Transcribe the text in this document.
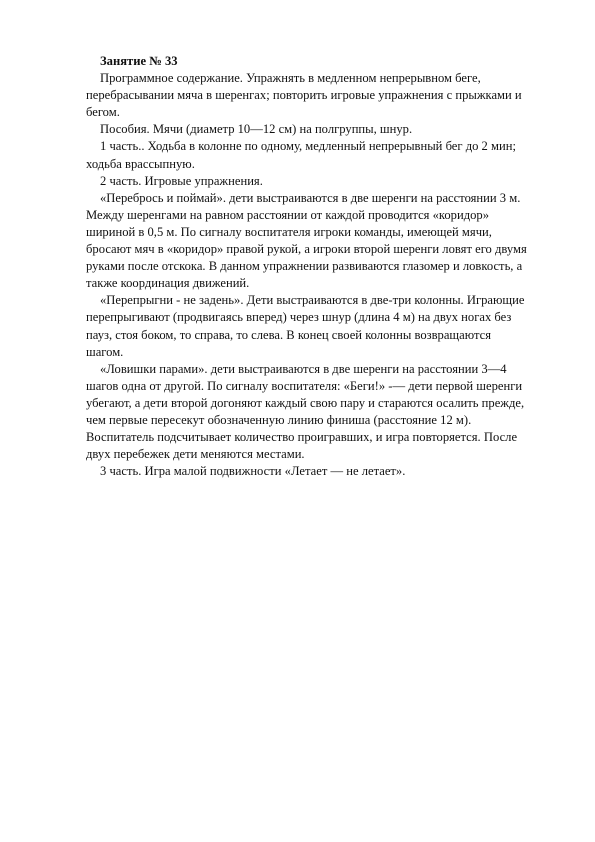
Занятие № 33

Программное содержание. Упражнять в медленном непрерывном беге, перебрасывании мяча в шеренгах; повторить игровые упражнения с прыжками и бегом.

Пособия. Мячи (диаметр 10—12 см) на полгруппы, шнур.

1 часть.. Ходьба в колонне по одному, медленный непрерывный бег до 2 мин; ходьба врассыпную.

2 часть. Игровые упражнения.

«Перебрось и поймай». дети выстраиваются в две шеренги на расстоянии 3 м. Между шеренгами на равном расстоянии от каждой проводится «коридор» шириной в 0,5 м. По сигналу воспитателя игроки команды, имеющей мячи, бросают мяч в «коридор» правой рукой, а игроки второй шеренги ловят его двумя руками после отскока. В данном упражнении развиваются глазомер и ловкость, а также координация движений.

«Перепрыгни - не задень». Дети выстраиваются в две-три колонны. Играющие перепрыгивают (продвигаясь вперед) через шнур (длина 4 м) на двух ногах без пауз, стоя боком, то справа, то слева. В конец своей колонны возвращаются шагом.

«Ловишки парами». дети выстраиваются в две шеренги на расстоянии 3—4 шагов одна от другой. По сигналу воспитателя: «Беги!» -— дети первой шеренги убегают, а дети второй догоняют каждый свою пару и стараются осалить прежде, чем первые пересекут обозначенную линию финиша (расстояние 12 м). Воспитатель подсчитывает количество проигравших, и игра повторяется. После двух перебежек дети меняются местами.

3 часть. Игра малой подвижности «Летает — не летает».
